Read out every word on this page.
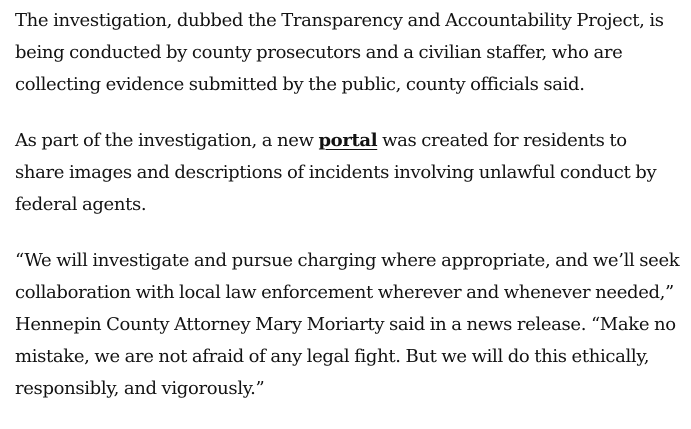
The investigation, dubbed the Transparency and Accountability Project, is being conducted by county prosecutors and a civilian staffer, who are collecting evidence submitted by the public, county officials said.

As part of the investigation, a new portal was created for residents to share images and descriptions of incidents involving unlawful conduct by federal agents.

“We will investigate and pursue charging where appropriate, and we’ll seek collaboration with local law enforcement wherever and whenever needed,” Hennepin County Attorney Mary Moriarty said in a news release. “Make no mistake, we are not afraid of any legal fight. But we will do this ethically, responsibly, and vigorously.”
